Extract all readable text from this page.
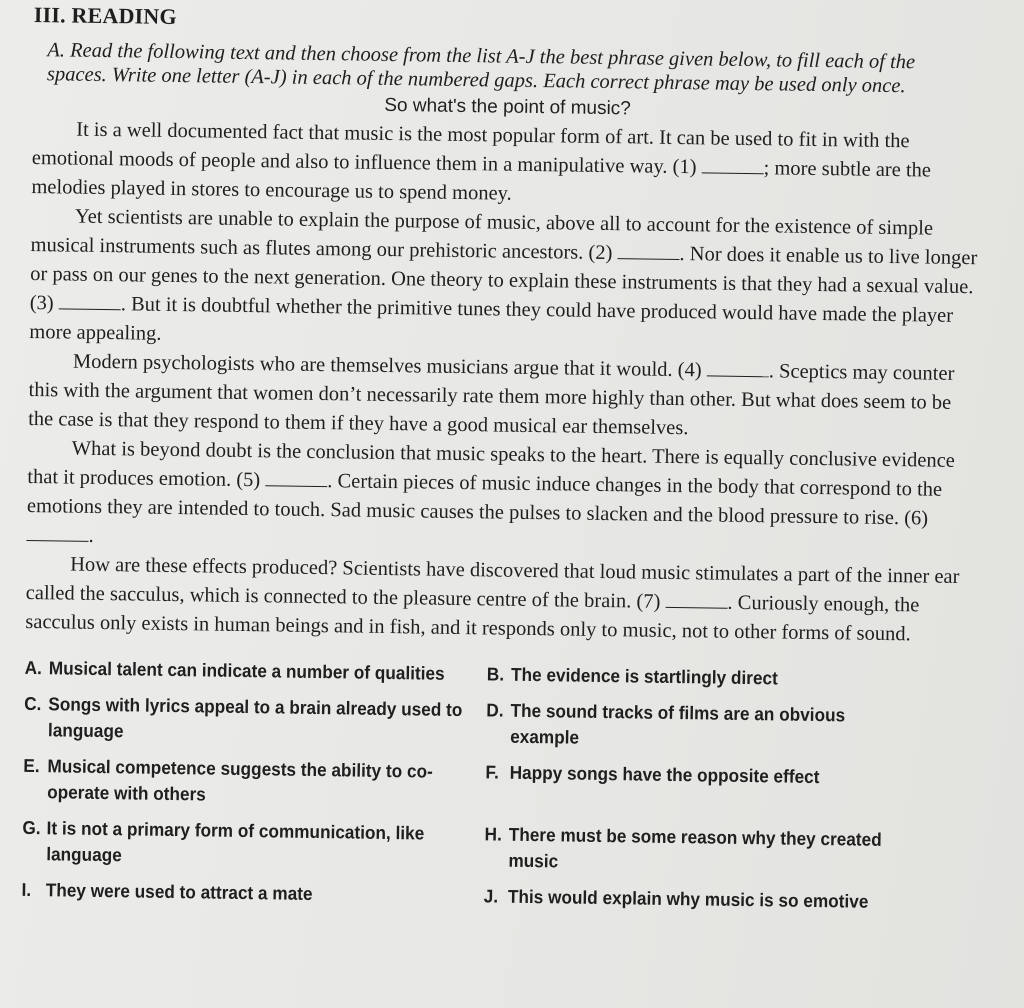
III. READING
A. Read the following text and then choose from the list A-J the best phrase given below, to fill each of the spaces. Write one letter (A-J) in each of the numbered gaps. Each correct phrase may be used only once.
So what's the point of music?

It is a well documented fact that music is the most popular form of art. It can be used to fit in with the emotional moods of people and also to influence them in a manipulative way. (1)	; more subtle are the melodies played in stores to encourage us to spend money.

Yet scientists are unable to explain the purpose of music, above all to account for the existence of simple musical instruments such as flutes among our prehistoric ancestors. (2)	. Nor does it enable us to live longer or pass on our genes to the next generation. One theory to explain these instruments is that they had a sexual value. (3)	. But it is doubtful whether the primitive tunes they could have produced would have made the player more appealing.

Modern psychologists who are themselves musicians argue that it would. (4)	. Sceptics may counter this with the argument that women don’t necessarily rate them more highly than other. But what does seem to be the case is that they respond to them if they have a good musical ear themselves.

What is beyond doubt is the conclusion that music speaks to the heart. There is equally conclusive evidence that it produces emotion. (5)	. Certain pieces of music induce changes in the body that correspond to the emotions they are intended to touch. Sad music causes the pulses to slacken and the blood pressure to rise. (6) .

How are these effects produced? Scientists have discovered that loud music stimulates a part of the inner ear called the sacculus, which is connected to the pleasure centre of the brain. (7)	. Curiously enough, the sacculus only exists in human beings and in fish, and it responds only to music, not to other forms of sound.

A. Musical talent can indicate a number of qualities	B. The evidence is startlingly direct
C. Songs with lyrics appeal to a brain already used to language
D. The sound tracks of films are an obvious example
E. Musical competence suggests the ability to co-operate with others
F. Happy songs have the opposite effect
G. It is not a primary form of communication, like language
H. There must be some reason why they created music
I. They were used to attract a mate	J. This would explain why music is so emotive
